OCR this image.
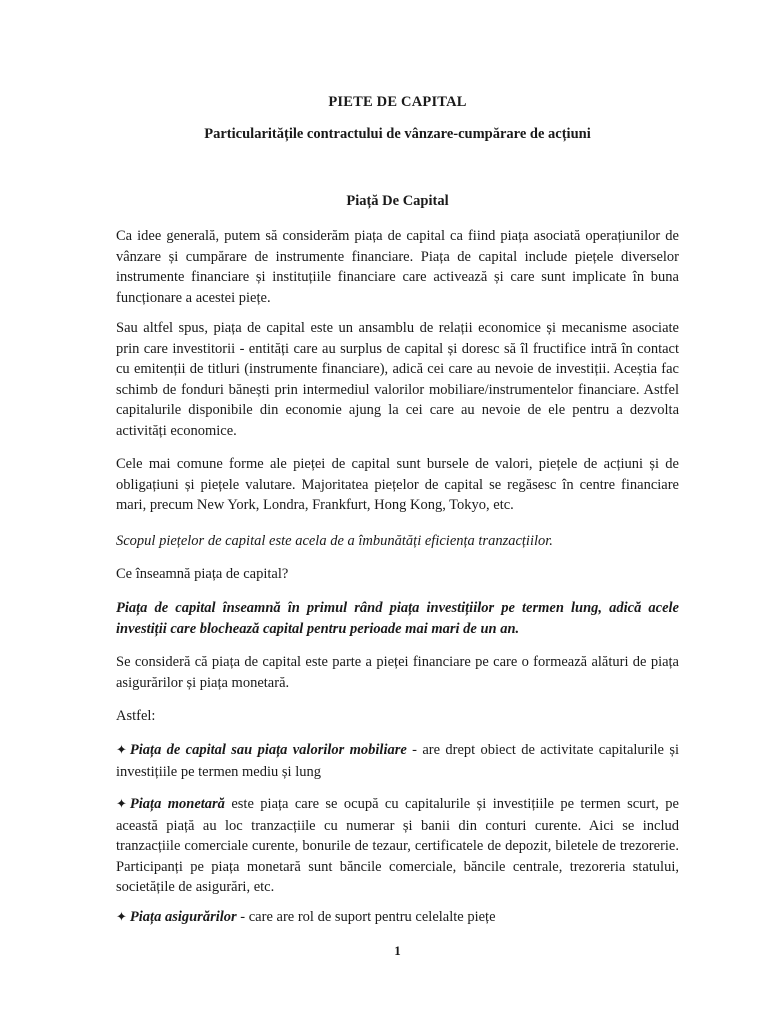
PIETE DE CAPITAL
Particularitățile contractului de vânzare-cumpărare de acțiuni
Piață De Capital

Ca idee generală, putem să considerăm piața de capital ca fiind piața asociată operațiunilor de vânzare și cumpărare de instrumente financiare. Piața de capital include piețele diverselor instrumente financiare și instituțiile financiare care activează și care sunt implicate în buna funcționare a acestei piețe.

Sau altfel spus, piața de capital este un ansamblu de relații economice și mecanisme asociate prin care investitorii - entități care au surplus de capital și doresc să îl fructifice intră în contact cu emitenții de titluri (instrumente financiare), adică cei care au nevoie de investiții. Aceștia fac schimb de fonduri bănești prin intermediul valorilor mobiliare/instrumentelor financiare. Astfel capitalurile disponibile din economie ajung la cei care au nevoie de ele pentru a dezvolta activități economice.

Cele mai comune forme ale pieței de capital sunt bursele de valori, piețele de acțiuni și de obligațiuni și piețele valutare. Majoritatea piețelor de capital se regăsesc în centre financiare mari, precum New York, Londra, Frankfurt, Hong Kong, Tokyo, etc.

Scopul piețelor de capital este acela de a îmbunătăți eficiența tranzacțiilor.

Ce înseamnă piața de capital?

Piața de capital înseamnă în primul rând piața investițiilor pe termen lung, adică acele investiții care blochează capital pentru perioade mai mari de un an.

Se consideră că piața de capital este parte a pieței financiare pe care o formează alături de piața asigurărilor și piața monetară.

Astfel:

✦ Piața de capital sau piața valorilor mobiliare - are drept obiect de activitate capitalurile și investițiile pe termen mediu și lung

✦ Piața monetară este piața care se ocupă cu capitalurile și investițiile pe termen scurt, pe această piață au loc tranzacțiile cu numerar și banii din conturi curente. Aici se includ tranzacțiile comerciale curente, bonurile de tezaur, certificatele de depozit, biletele de trezorerie. Participanți pe piața monetară sunt băncile comerciale, băncile centrale, trezoreria statului, societățile de asigurări, etc.

✦ Piața asigurărilor - care are rol de suport pentru celelalte piețe

1
